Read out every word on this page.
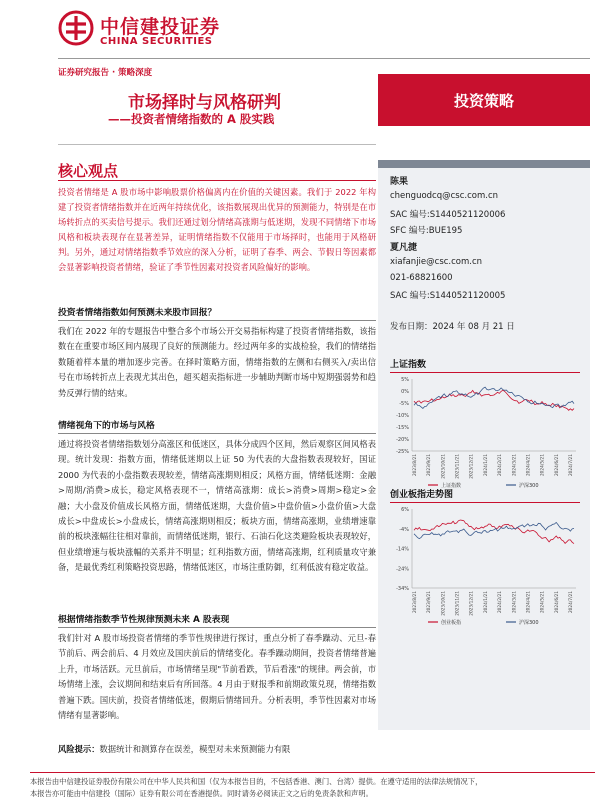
中信建投证券
CHINA SECURITIES
证券研究报告 · 策略深度
市场择时与风格研判
——投资者情绪指数的 A 股实践
投资策略
核心观点
投资者情绪是 A 股市场中影响股票价格偏离内在价值的关键因素。我们于 2022 年构建了投资者情绪指数并在近两年持续优化，该指数展现出优异的预测能力，特别是在市场转折点的买卖信号提示。我们还通过划分情绪高涨期与低迷期，发现不同情绪下市场风格和板块表现存在显著差异，证明情绪指数不仅能用于市场择时，也能用于风格研判。另外，通过对情绪指数季节效应的深入分析，证明了春季、两会、节假日等因素都会显著影响投资者情绪，验证了季节性因素对投资者风险偏好的影响。
投资者情绪指数如何预测未来股市回报？
我们在 2022 年的专题报告中整合多个市场公开交易指标构建了投资者情绪指数，该指数在在重要市场区间内展现了良好的预测能力。经过两年多的实战检验，我们的情绪指数随着样本量的增加逐步完善。在择时策略方面，情绪指数的左侧和右侧买入/卖出信号在市场转折点上表现尤其出色，超买超卖指标进一步辅助判断市场中短期强弱势和趋势反弹行情的结束。
情绪视角下的市场与风格
通过将投资者情绪指数划分高涨区和低迷区，具体分成四个区间，然后观察区间风格表现。统计发现：指数方面，情绪低迷期以上证 50 为代表的大盘指数表现较好，国证 2000 为代表的小盘指数表现较差，情绪高涨期则相反；风格方面，情绪低迷期：金融>周期/消费>成长，稳定风格表现不一，情绪高涨期：成长>消费>周期>稳定>金融；大小盘及价值成长风格方面，情绪低迷期，大盘价值>中盘价值>小盘价值>大盘成长>中盘成长>小盘成长，情绪高涨期则相反；板块方面，情绪高涨期，业绩增速靠前的板块涨幅往往相对靠前，而情绪低迷期，银行、石油石化这类避险板块表现较好，但业绩增速与板块涨幅的关系并不明显；红利指数方面，情绪高涨期，红利质量攻守兼备，是最优秀红利策略投资思路，情绪低迷区，市场注重防御，红利低波有稳定收益。
根据情绪指数季节性规律预测未来 A 股表现
我们针对 A 股市场投资者情绪的季节性规律进行探讨，重点分析了春季躁动、元旦-春节前后、两会前后、4 月效应及国庆前后的情绪变化。春季躁动期间，投资者情绪普遍上升，市场活跃。元旦前后，市场情绪呈现"节前看跌，节后看涨"的规律。两会前，市场情绪上涨，会议期间和结束后有所回落。4 月由于财报季和前期政策兑现，情绪指数普遍下跌。国庆前，投资者情绪低迷，假期后情绪回升。分析表明，季节性因素对市场情绪有显著影响。
风险提示：数据统计和测算存在误差，模型对未来预测能力有限
陈果
chenguodcq@csc.com.cn
SAC 编号:S1440521120006
SFC 编号:BUE195
夏凡捷
xiafanjie@csc.com.cn
021-68821600
SAC 编号:S1440521120005
发布日期：2024 年 08 月 21 日
上证指数
5%
0%
-5%
-10%
-15%
-20%
-25%
2023/8/21 2023/9/21 2023/10/21 2023/11/21 2023/12/21 2024/1/21 2024/2/21 2024/3/21 2024/4/21 2024/5/21 2024/6/21 2024/7/21
上证指数	沪深300
创业板指走势图
6%
-4%
-14%
-24%
-34%
2023/8/21 2023/9/21 2023/10/21 2023/11/21 2023/12/21 2024/1/21 2024/2/21 2024/3/21 2024/4/21 2024/5/21 2024/6/21 2024/7/21
创业板指	沪深300
本报告由中信建投证券股份有限公司在中华人民共和国（仅为本报告目的，不包括香港、澳门、台湾）提供。在遵守适用的法律法规情况下，
本报告亦可能由中信建投（国际）证券有限公司在香港提供。同时请务必阅读正文之后的免责条款和声明。
